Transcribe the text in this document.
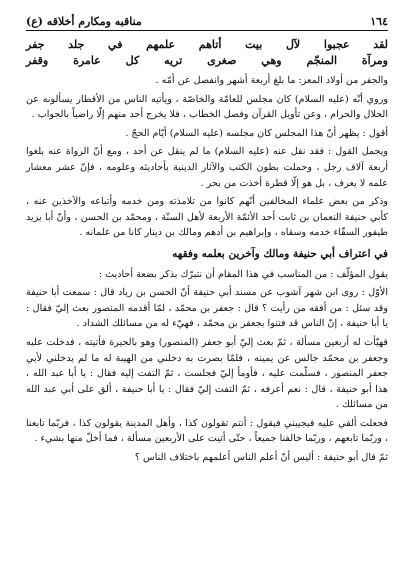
١٦٤
مناقبه ومكارم أخلاقه (ع)
لقد عجبوا لآل بيت أتاهم علمهم في جلد جفر
ومرآة المنجّم وهي صغرى تريه كل عامرة وقفر

والجفر من أولاد المعز: ما بلغ أربعة أشهر وانفصل عن أمّه .

وروي أنّه (عليه السلام) كان مجلس للعامّة والخاصّة ، ويأتيه الناس من الأقطار يسألونه عن الحلال والحرام ، وعن تأويل القرآن وفصل الخطاب ، فلا يخرج أحد منهم إلّا راضياً بالجواب .

أقول : يظهر أنّ هذا المجلس كان مجلسه (عليه السلام) أيّام الحجّ .

ويجمل القول : فقد نقل عنه (عليه السلام) ما لم ينقل عن أحد ، ومع أنّ الرواة عنه بلغوا أربعة آلاف رجل ، وحملت بطون الكتب والآثار الدينية بأحاديثه وعلومه ، فإنّ عشر معشار علمه لا يعرف ، بل هو إلّا قطرة أخذت من بحر .

وذكر من بعض علماء المخالفين أنّهم كانوا من تلامذته ومن خدمه وأتباعه والآخذين عنه ، كأبي حنيفة النعمان بن ثابت أحد الأئمّة الأربعة لأهل السنّة ، ومحمّد بن الحسن ، وأنّ أبا يزيد طيفور السقّاء خدمه وسقاه ، وإبراهيم بن أدهم ومالك بن دينار كانا من غلمانه .

في اعتراف أبي حنيفة ومالك وآخرين بعلمه وفقهه

يقول المؤلّف : من المناسب في هذا المقام أن نتبرّك بذكر بضعة أحاديث :

الأوّل : روى ابن شهر آشوب عن مسند أبي حنيفة أنّ الحسن بن زياد قال : سمعت أبا حنيفة وقد سئل : من أفقه من رأيت ؟ قال : جعفر بن محمّد ، لمّا أقدمه المنصور بعث إليّ فقال : يا أبا حنيفة ، إنّ الناس قد فتنوا بجعفر بن محمّد ، فهيّء له من مسائلك الشداد .

فهيّأت له أربعين مسألة ، ثمّ بعث إليّ أبو جعفر (المنصور) وهو بالحيرة فأتيته ، فدخلت عليه وجعفر بن محمّد جالس عن يمينه ، فلمّا بصرت به دخلني من الهيبة له ما لم يدخلني لأبي جعفر المنصور ، فسلّمت عليه ، فأومأ إليّ فجلست ، ثمّ التفت إليه فقال : يا أبا عبد الله ، هذا أبو حنيفة ، قال : نعم أعرفه ، ثمّ التفت إليّ فقال : يا أبا حنيفة ، ألق على أبي عبد الله من مسائلك .

فجعلت ألقي عليه فيجيبني فيقول : أنتم تقولون كذا ، وأهل المدينة يقولون كذا ، فربّما تابعنا ، وربّما تابعهم ، وربّما خالفنا جميعاً ، حتّى أتيت على الأربعين مسألة ، فما أخلّ منها بشيء .

ثمّ قال أبو حنيفة : أليس أنّ أعلم الناس أعلمهم باختلاف الناس ؟
